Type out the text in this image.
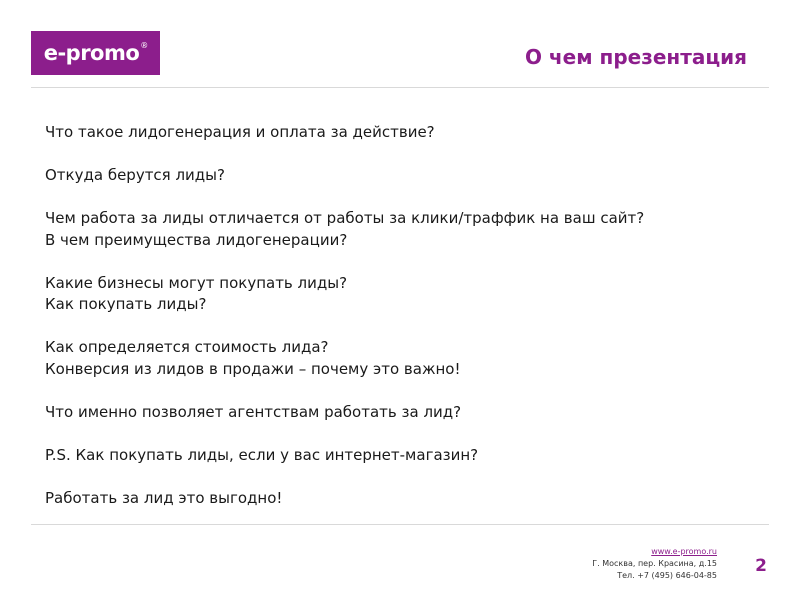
e-promo ®	О чем презентация
Что такое лидогенерация и оплата за действие?
Откуда берутся лиды?
Чем работа за лиды отличается от работы за клики/траффик на ваш сайт?
В чем преимущества лидогенерации?
Какие бизнесы могут покупать лиды?
Как покупать лиды?
Как определяется стоимость лида?
Конверсия из лидов в продажи – почему это важно!
Что именно позволяет агентствам работать за лид?
P.S. Как покупать лиды, если у вас интернет-магазин?
Работать за лид это выгодно!
www.e-promo.ru
Г. Москва, пер. Красина, д.15
Тел. +7 (495) 646-04-85 2
